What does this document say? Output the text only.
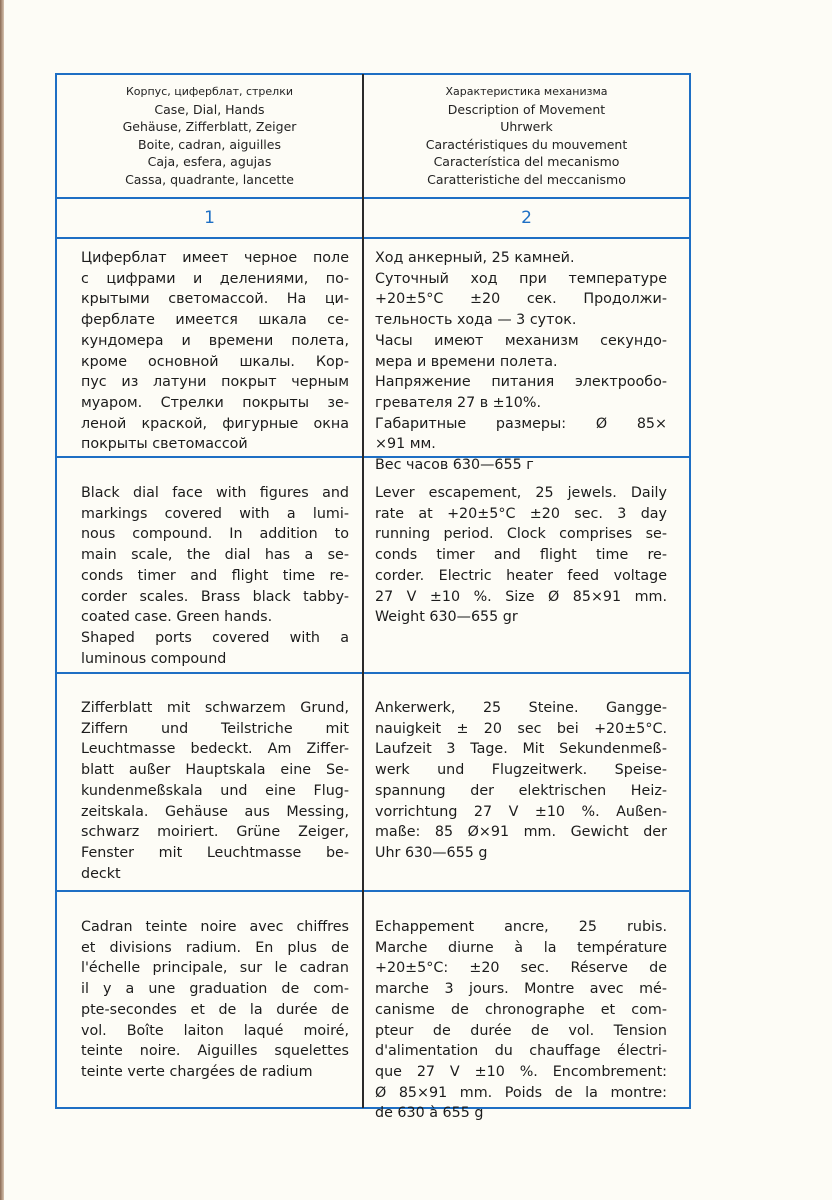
Корпус, циферблат, стрелки
Case, Dial, Hands
Gehäuse, Zifferblatt, Zeiger
Boite, cadran, aiguilles
Caja, esfera, agujas
Cassa, quadrante, lancette
Характеристика механизма
Description of Movement
Uhrwerk
Caractéristiques du mouvement
Característica del mecanismo
Caratteristiche del meccanismo
1	2

Циферблат имеет черное поле

с цифрами и делениями, по-

крытыми светомассой. На ци-

ферблате имеется шкала се-

кундомера и времени полета,

кроме основной шкалы. Кор-

пус из латуни покрыт черным

муаром. Стрелки покрыты зе-

леной краской, фигурные окна

покрыты светомассой

Ход анкерный, 25 камней.

Суточный ход при температуре

+20±5°C ±20 сек. Продолжи-

тельность хода — 3 суток.

Часы имеют механизм секундо-

мера и времени полета.

Напряжение питания электрообо-

гревателя 27 в ±10%.

Габаритные размеры: Ø 85×

×91 мм.

Вес часов 630—655 г

Black dial face with figures and

markings covered with a lumi-

nous compound. In addition to

main scale, the dial has a se-

conds timer and flight time re-

corder scales. Brass black tabby-

coated case. Green hands.

Shaped ports covered with a

luminous compound

Lever escapement, 25 jewels. Daily

rate at +20±5°C ±20 sec. 3 day

running period. Clock comprises se-

conds timer and flight time re-

corder. Electric heater feed voltage

27 V ±10 %. Size Ø 85×91 mm.

Weight 630—655 gr

Zifferblatt mit schwarzem Grund,

Ziffern und Teilstriche mit

Leuchtmasse bedeckt. Am Ziffer-

blatt außer Hauptskala eine Se-

kundenmeßskala und eine Flug-

zeitskala. Gehäuse aus Messing,

schwarz moiriert. Grüne Zeiger,

Fenster mit Leuchtmasse be-

deckt

Ankerwerk, 25 Steine. Gangge-

nauigkeit ± 20 sec bei +20±5°C.

Laufzeit 3 Tage. Mit Sekundenmeß-

werk und Flugzeitwerk. Speise-

spannung der elektrischen Heiz-

vorrichtung 27 V ±10 %. Außen-

maße: 85 Ø×91 mm. Gewicht der

Uhr 630—655 g

Cadran teinte noire avec chiffres

et divisions radium. En plus de

l'échelle principale, sur le cadran

il y a une graduation de com-

pte-secondes et de la durée de

vol. Boîte laiton laqué moiré,

teinte noire. Aiguilles squelettes

teinte verte chargées de radium

Echappement ancre, 25 rubis.

Marche diurne à la température

+20±5°C: ±20 sec. Réserve de

marche 3 jours. Montre avec mé-

canisme de chronographe et com-

pteur de durée de vol. Tension

d'alimentation du chauffage électri-

que 27 V ±10 %. Encombrement:

Ø 85×91 mm. Poids de la montre:

de 630 à 655 g
